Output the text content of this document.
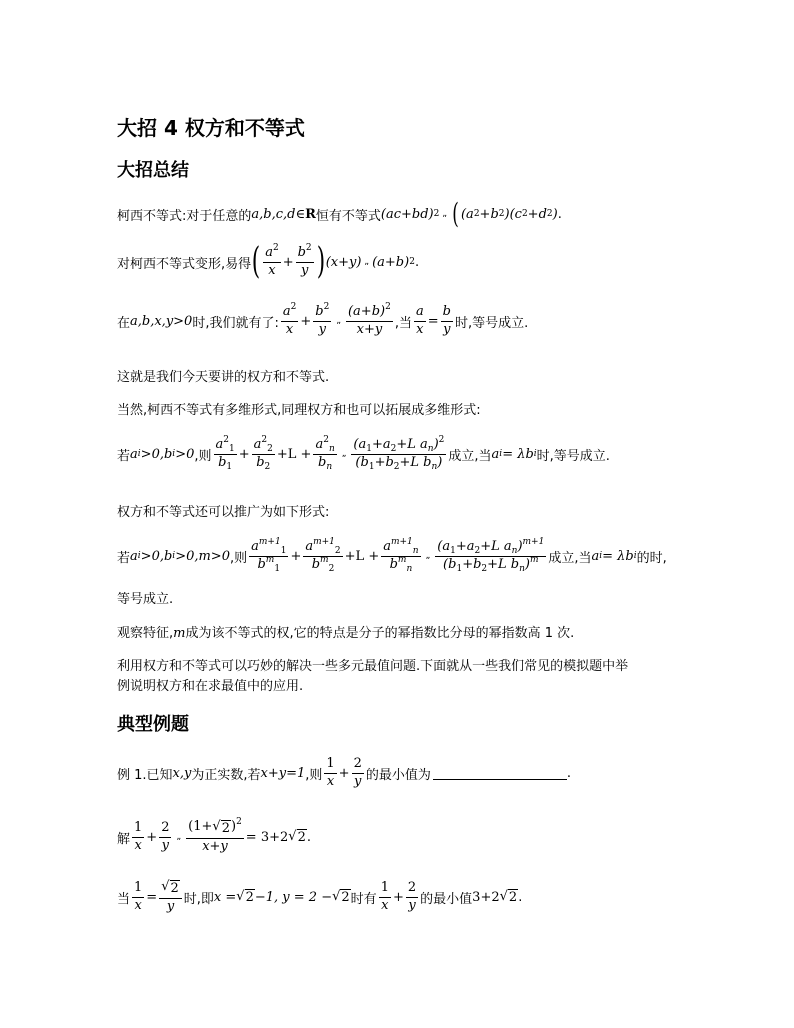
大招 4 权方和不等式
大招总结
柯西不等式:对于任意的 a,b,c,d ∈ R 恒有不等式 (ac+bd) 2 „ ( (a 2 +b 2 )(c 2 +d 2 ) .
对柯西不等式变形,易得 ( $\frac{a^2}{x} + \frac{b^2}{y}$ ) (x+y) „ (a+b) 2 .
在 a,b,x,y>0 时,我们就有了: $\frac{a^2}{x} + \frac{b^2}{y}$ „ $\frac{(a+b)^2}{x+y}$ ,当 $\frac{a}{x} = \frac{b}{y}$ 时,等号成立.
这就是我们今天要讲的权方和不等式.
当然,柯西不等式有多维形式,同理权方和也可以拓展成多维形式:
若 a i >0,b i >0 ,则 $\frac{a^2_1}{b_1} + \frac{a^2_2}{b_2} +L + \frac{a^2_n}{b_n}$ „ $\frac{(a_1+a_2+L a_n)^2}{(b_1+b_2+L b_n)}$ 成立,当 a i = λb i 时,等号成立.
权方和不等式还可以推广为如下形式:
若 a i >0,b i >0,m>0 ,则 $\frac{a^{m+1}_1}{b^m_1} + \frac{a^{m+1}_2}{b^m_2} +L + \frac{a^{m+1}_n}{b^m_n}$ „ $\frac{(a_1+a_2+L a_n)^{m+1}}{(b_1+b_2+L b_n)^m}$ 成立,当 a i = λb i 的时,
等号成立.
观察特征,m成为该不等式的权,它的特点是分子的幂指数比分母的幂指数高 1 次.
利用权方和不等式可以巧妙的解决一些多元最值问题.下面就从一些我们常见的模拟题中举例说明权方和在求最值中的应用.
典型例题
例 1.已知 x,y 为正实数,若 x+y=1 ,则 $\frac{1}{x} + \frac{2}{y}$ 的最小值为	.
解 $\frac{1}{x} + \frac{2}{y}$ „ $\frac{(1+ √ 2 )^2}{x+y} = 3+2$ √ 2 .
当 $\frac{1}{x} = \frac{√ 2}{y}$ 时,即 x = √ 2 −1, y = 2 − √ 2 时有 $\frac{1}{x} + \frac{2}{y}$ 的最小值 3+2 √ 2 .
